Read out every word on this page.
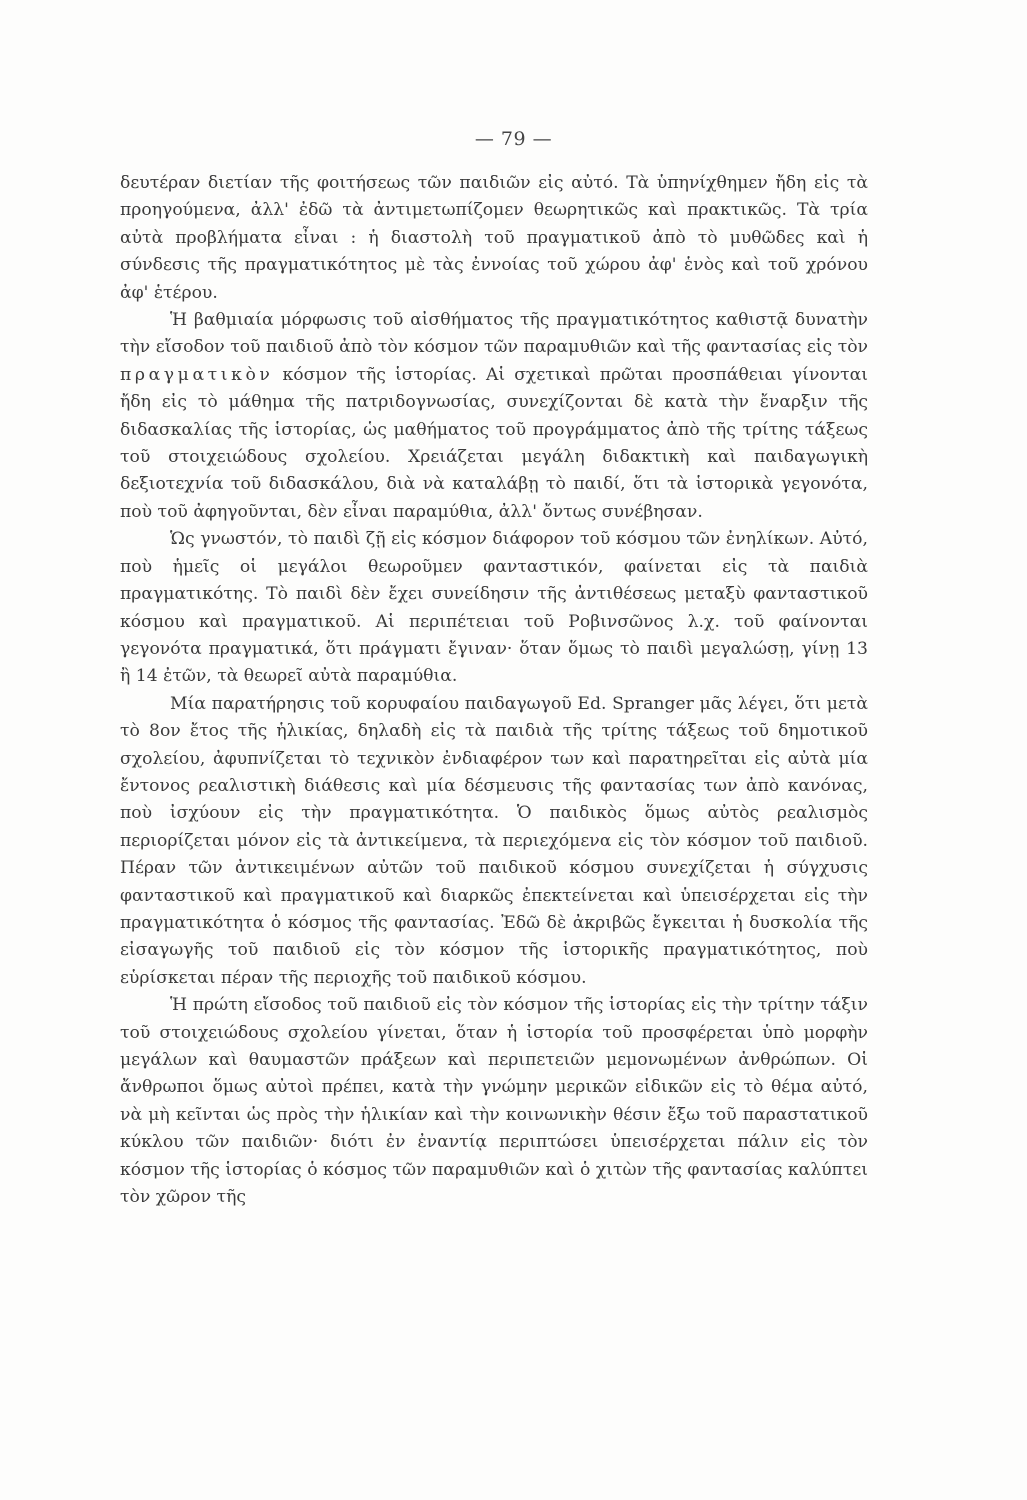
— 79 —

δευτέραν διετίαν τῆς φοιτήσεως τῶν παιδιῶν εἰς αὐτό. Τὰ ὑπηνίχθημεν ἤδη εἰς τὰ προηγούμενα, ἀλλ' ἐδῶ τὰ ἀντιμετωπίζομεν θεωρητικῶς καὶ πρακτικῶς. Τὰ τρία αὐτὰ προβλήματα εἶναι : ἡ διαστολὴ τοῦ πραγματικοῦ ἀπὸ τὸ μυθῶδες καὶ ἡ σύνδεσις τῆς πραγματικότητος μὲ τὰς ἐννοίας τοῦ χώρου ἀφ' ἑνὸς καὶ τοῦ χρόνου ἀφ' ἑτέρου.

Ἡ βαθμιαία μόρφωσις τοῦ αἰσθήματος τῆς πραγματικότητος καθιστᾷ δυνατὴν τὴν εἴσοδον τοῦ παιδιοῦ ἀπὸ τὸν κόσμον τῶν παραμυθιῶν καὶ τῆς φαντασίας εἰς τὸν πραγματικὸν κόσμον τῆς ἱστορίας. Αἱ σχετικαὶ πρῶται προσπάθειαι γίνονται ἤδη εἰς τὸ μάθημα τῆς πατριδογνωσίας, συνεχίζονται δὲ κατὰ τὴν ἔναρξιν τῆς διδασκαλίας τῆς ἱστορίας, ὡς μαθήματος τοῦ προγράμματος ἀπὸ τῆς τρίτης τάξεως τοῦ στοιχειώδους σχολείου. Χρειάζεται μεγάλη διδακτικὴ καὶ παιδαγωγικὴ δεξιοτεχνία τοῦ διδασκάλου, διὰ νὰ καταλάβῃ τὸ παιδί, ὅτι τὰ ἱστορικὰ γεγονότα, ποὺ τοῦ ἀφηγοῦνται, δὲν εἶναι παραμύθια, ἀλλ' ὄντως συνέβησαν.

Ὡς γνωστόν, τὸ παιδὶ ζῇ εἰς κόσμον διάφορον τοῦ κόσμου τῶν ἐνηλίκων. Αὐτό, ποὺ ἡμεῖς οἱ μεγάλοι θεωροῦμεν φανταστικόν, φαίνεται εἰς τὰ παιδιὰ πραγματικότης. Τὸ παιδὶ δὲν ἔχει συνείδησιν τῆς ἀντιθέσεως μεταξὺ φανταστικοῦ κόσμου καὶ πραγματικοῦ. Αἱ περιπέτειαι τοῦ Ροβινσῶνος λ.χ. τοῦ φαίνονται γεγονότα πραγματικά, ὅτι πράγματι ἔγιναν· ὅταν ὅμως τὸ παιδὶ μεγαλώσῃ, γίνῃ 13 ἢ 14 ἐτῶν, τὰ θεωρεῖ αὐτὰ παραμύθια.

Μία παρατήρησις τοῦ κορυφαίου παιδαγωγοῦ Ed. Spranger μᾶς λέγει, ὅτι μετὰ τὸ 8ον ἔτος τῆς ἡλικίας, δηλαδὴ εἰς τὰ παιδιὰ τῆς τρίτης τάξεως τοῦ δημοτικοῦ σχολείου, ἀφυπνίζεται τὸ τεχνικὸν ἐνδιαφέρον των καὶ παρατηρεῖται εἰς αὐτὰ μία ἔντονος ρεαλιστικὴ διάθεσις καὶ μία δέσμευσις τῆς φαντασίας των ἀπὸ κανόνας, ποὺ ἰσχύουν εἰς τὴν πραγματικότητα. Ὁ παιδικὸς ὅμως αὐτὸς ρεαλισμὸς περιορίζεται μόνον εἰς τὰ ἀντικείμενα, τὰ περιεχόμενα εἰς τὸν κόσμον τοῦ παιδιοῦ. Πέραν τῶν ἀντικειμένων αὐτῶν τοῦ παιδικοῦ κόσμου συνεχίζεται ἡ σύγχυσις φανταστικοῦ καὶ πραγματικοῦ καὶ διαρκῶς ἐπεκτείνεται καὶ ὑπεισέρχεται εἰς τὴν πραγματικότητα ὁ κόσμος τῆς φαντασίας. Ἐδῶ δὲ ἀκριβῶς ἔγκειται ἡ δυσκολία τῆς εἰσαγωγῆς τοῦ παιδιοῦ εἰς τὸν κόσμον τῆς ἱστορικῆς πραγματικότητος, ποὺ εὑρίσκεται πέραν τῆς περιοχῆς τοῦ παιδικοῦ κόσμου.

Ἡ πρώτη εἴσοδος τοῦ παιδιοῦ εἰς τὸν κόσμον τῆς ἱστορίας εἰς τὴν τρίτην τάξιν τοῦ στοιχειώδους σχολείου γίνεται, ὅταν ἡ ἱστορία τοῦ προσφέρεται ὑπὸ μορφὴν μεγάλων καὶ θαυμαστῶν πράξεων καὶ περιπετειῶν μεμονωμένων ἀνθρώπων. Οἱ ἄνθρωποι ὅμως αὐτοὶ πρέπει, κατὰ τὴν γνώμην μερικῶν εἰδικῶν εἰς τὸ θέμα αὐτό, νὰ μὴ κεῖνται ὡς πρὸς τὴν ἡλικίαν καὶ τὴν κοινωνικὴν θέσιν ἔξω τοῦ παραστατικοῦ κύκλου τῶν παιδιῶν· διότι ἐν ἐναντίᾳ περιπτώσει ὑπεισέρχεται πάλιν εἰς τὸν κόσμον τῆς ἱστορίας ὁ κόσμος τῶν παραμυθιῶν καὶ ὁ χιτὼν τῆς φαντασίας καλύπτει τὸν χῶρον τῆς
